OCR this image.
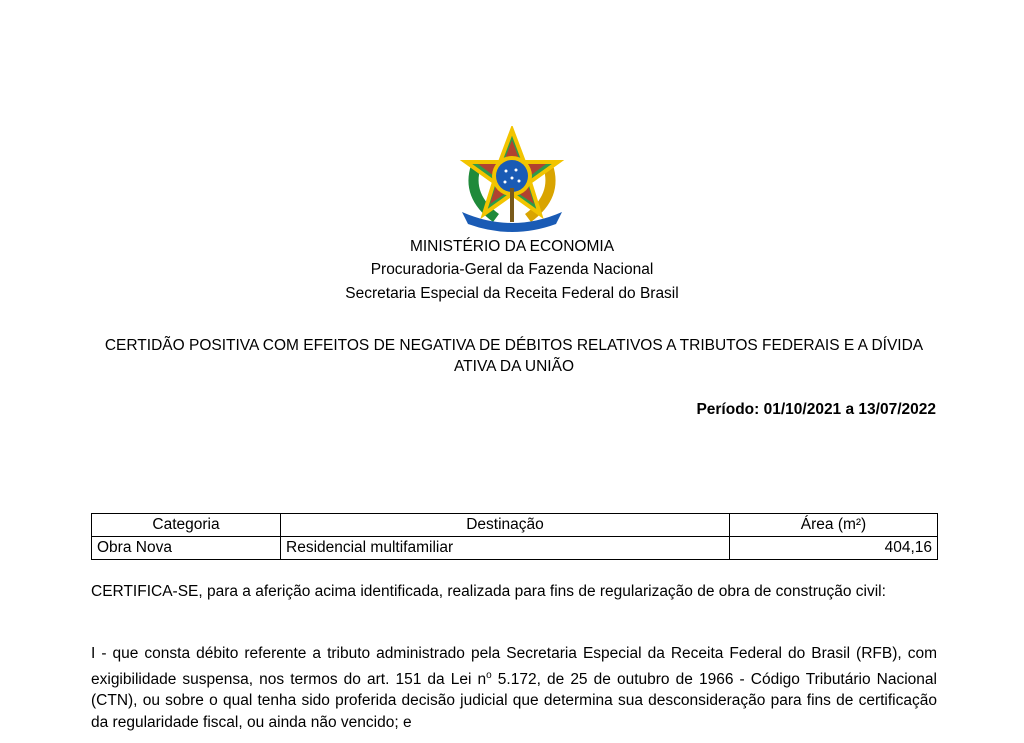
MINISTÉRIO DA ECONOMIA
Procuradoria-Geral da Fazenda Nacional
Secretaria Especial da Receita Federal do Brasil
CERTIDÃO POSITIVA COM EFEITOS DE NEGATIVA DE DÉBITOS RELATIVOS A TRIBUTOS FEDERAIS E A DÍVIDA ATIVA DA UNIÃO
Período: 01/10/2021 a 13/07/2022
Categoria	Destinação	Área (m²)
Obra Nova	Residencial multifamiliar	404,16
CERTIFICA-SE, para a aferição acima identificada, realizada para fins de regularização de obra de construção civil:
I - que consta débito referente a tributo administrado pela Secretaria Especial da Receita Federal do Brasil (RFB), com exigibilidade suspensa, nos termos do art. 151 da Lei $n^o$ 5.172, de 25 de outubro de 1966 - Código Tributário Nacional (CTN), ou sobre o qual tenha sido proferida decisão judicial que determina sua desconsideração para fins de certificação da regularidade fiscal, ou ainda não vencido; e
